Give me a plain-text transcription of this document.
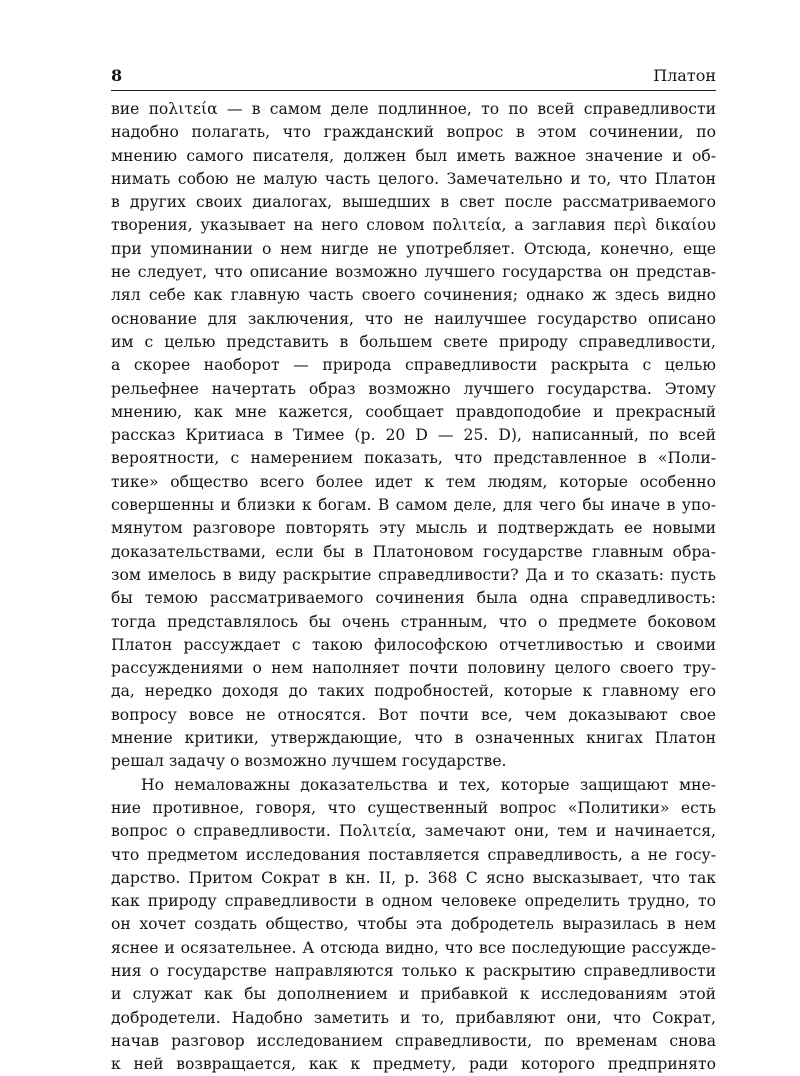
8	Платон
вие πoλιτεία — в самом деле подлинное, то по всей справедливости
надобно полагать, что гражданский вопрос в этом сочинении, по
мнению самого писателя, должен был иметь важное значение и об-
нимать собою не малую часть целого. Замечательно и то, что Платон
в других своих диалогах, вышедших в свет после рассматриваемого
творения, указывает на него словом πoλιτεία, а заглавия περὶ δικαίου
при упоминании о нем нигде не употребляет. Отсюда, конечно, еще
не следует, что описание возможно лучшего государства он представ-
лял себе как главную часть своего сочинения; однако ж здесь видно
основание для заключения, что не наилучшее государство описано
им с целью представить в большем свете природу справедливости,
а скорее наоборот — природа справедливости раскрыта с целью
рельефнее начертать образ возможно лучшего государства. Этому
мнению, как мне кажется, сообщает правдоподобие и прекрасный
рассказ Критиаса в Тимее (p. 20 D — 25. D), написанный, по всей
вероятности, с намерением показать, что представленное в «Поли-
тике» общество всего более идет к тем людям, которые особенно
совершенны и близки к богам. В самом деле, для чего бы иначе в упо-
мянутом разговоре повторять эту мысль и подтверждать ее новыми
доказательствами, если бы в Платоновом государстве главным обра-
зом имелось в виду раскрытие справедливости? Да и то сказать: пусть
бы темою рассматриваемого сочинения была одна справедливость:
тогда представлялось бы очень странным, что о предмете боковом
Платон рассуждает с такою философскою отчетливостью и своими
рассуждениями о нем наполняет почти половину целого своего тру-
да, нередко доходя до таких подробностей, которые к главному его
вопросу вовсе не относятся. Вот почти все, чем доказывают свое
мнение критики, утверждающие, что в означенных книгах Платон
решал задачу о возможно лучшем государстве.
Но немаловажны доказательства и тех, которые защищают мне-
ние противное, говоря, что существенный вопрос «Политики» есть
вопрос о справедливости. Πoλιτεία, замечают они, тем и начинается,
что предметом исследования поставляется справедливость, а не госу-
дарство. Притом Сократ в кн. II, p. 368 С ясно высказывает, что так
как природу справедливости в одном человеке определить трудно, то
он хочет создать общество, чтобы эта добродетель выразилась в нем
яснее и осязательнее. А отсюда видно, что все последующие рассужде-
ния о государстве направляются только к раскрытию справедливости
и служат как бы дополнением и прибавкой к исследованиям этой
добродетели. Надобно заметить и то, прибавляют они, что Сократ,
начав разговор исследованием справедливости, по временам снова
к ней возвращается, как к предмету, ради которого предпринято
